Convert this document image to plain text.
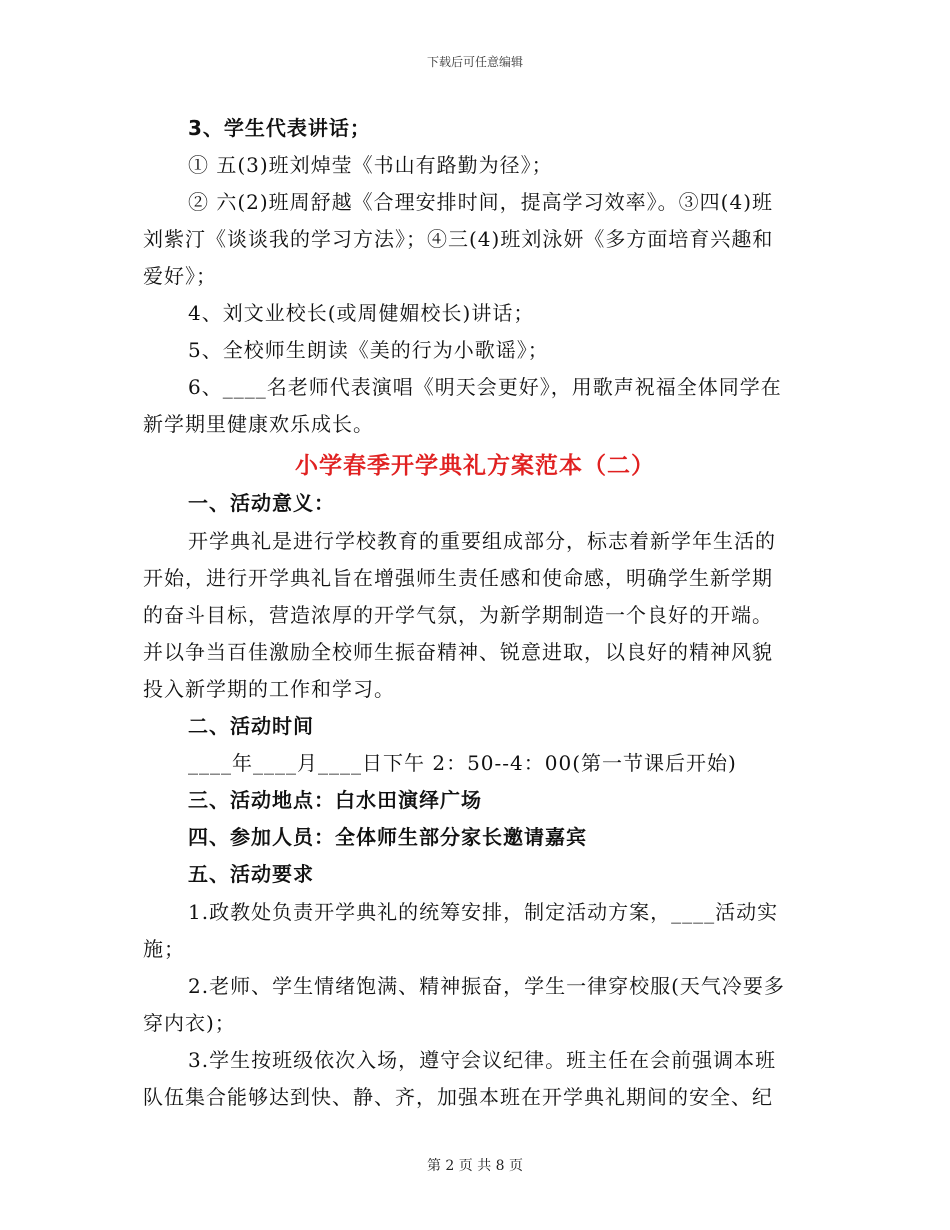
下载后可任意编辑
3、学生代表讲话；
① 五(3)班刘焯莹《书山有路勤为径》；
② 六(2)班周舒越《合理安排时间，提高学习效率》。③四(4)班
刘紫汀《谈谈我的学习方法》；④三(4)班刘泳妍《多方面培育兴趣和
爱好》；
4、刘文业校长(或周健媚校长)讲话；
5、全校师生朗读《美的行为小歌谣》；
6、____名老师代表演唱《明天会更好》，用歌声祝福全体同学在
新学期里健康欢乐成长。
小学春季开学典礼方案范本（二）
一、活动意义：
开学典礼是进行学校教育的重要组成部分，标志着新学年生活的
开始，进行开学典礼旨在增强师生责任感和使命感，明确学生新学期
的奋斗目标，营造浓厚的开学气氛，为新学期制造一个良好的开端。
并以争当百佳激励全校师生振奋精神、锐意进取，以良好的精神风貌
投入新学期的工作和学习。
二、活动时间
____年____月____日下午 2：50--4：00(第一节课后开始)
三、活动地点：白水田演绎广场
四、参加人员：全体师生部分家长邀请嘉宾
五、活动要求
1.政教处负责开学典礼的统筹安排，制定活动方案，____活动实
施；
2.老师、学生情绪饱满、精神振奋，学生一律穿校服(天气冷要多
穿内衣)；
3.学生按班级依次入场，遵守会议纪律。班主任在会前强调本班
队伍集合能够达到快、静、齐，加强本班在开学典礼期间的安全、纪
第 2 页 共 8 页
